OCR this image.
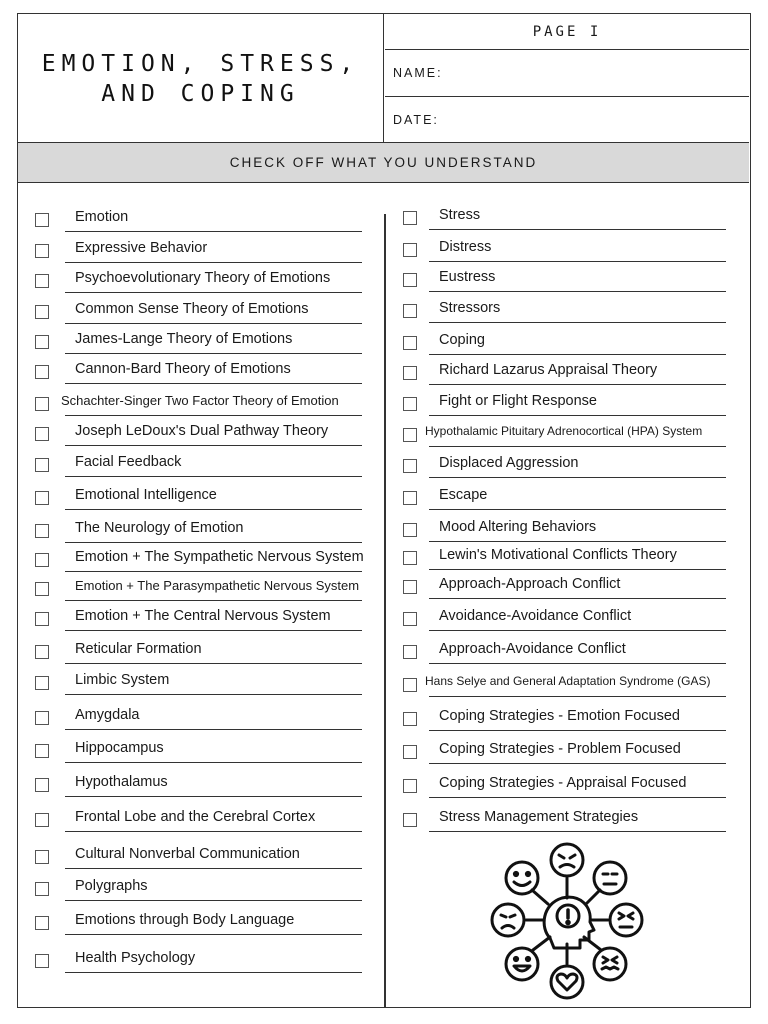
EMOTION, STRESS,
AND COPING
PAGE I
NAME:
DATE:
CHECK OFF WHAT YOU UNDERSTAND
Emotion
Expressive Behavior
Psychoevolutionary Theory of Emotions
Common Sense Theory of Emotions
James-Lange Theory of Emotions
Cannon-Bard Theory of Emotions
Schachter-Singer Two Factor Theory of Emotion
Joseph LeDoux's Dual Pathway Theory
Facial Feedback
Emotional Intelligence
The Neurology of Emotion
Emotion + The Sympathetic Nervous System
Emotion + The Parasympathetic Nervous System
Emotion + The Central Nervous System
Reticular Formation
Limbic System
Amygdala
Hippocampus
Hypothalamus
Frontal Lobe and the Cerebral Cortex
Cultural Nonverbal Communication
Polygraphs
Emotions through Body Language
Health Psychology
Stress
Distress
Eustress
Stressors
Coping
Richard Lazarus Appraisal Theory
Fight or Flight Response
Hypothalamic Pituitary Adrenocortical (HPA) System
Displaced Aggression
Escape
Mood Altering Behaviors
Lewin's Motivational Conflicts Theory
Approach-Approach Conflict
Avoidance-Avoidance Conflict
Approach-Avoidance Conflict
Hans Selye and General Adaptation Syndrome (GAS)
Coping Strategies - Emotion Focused
Coping Strategies - Problem Focused
Coping Strategies - Appraisal Focused
Stress Management Strategies
